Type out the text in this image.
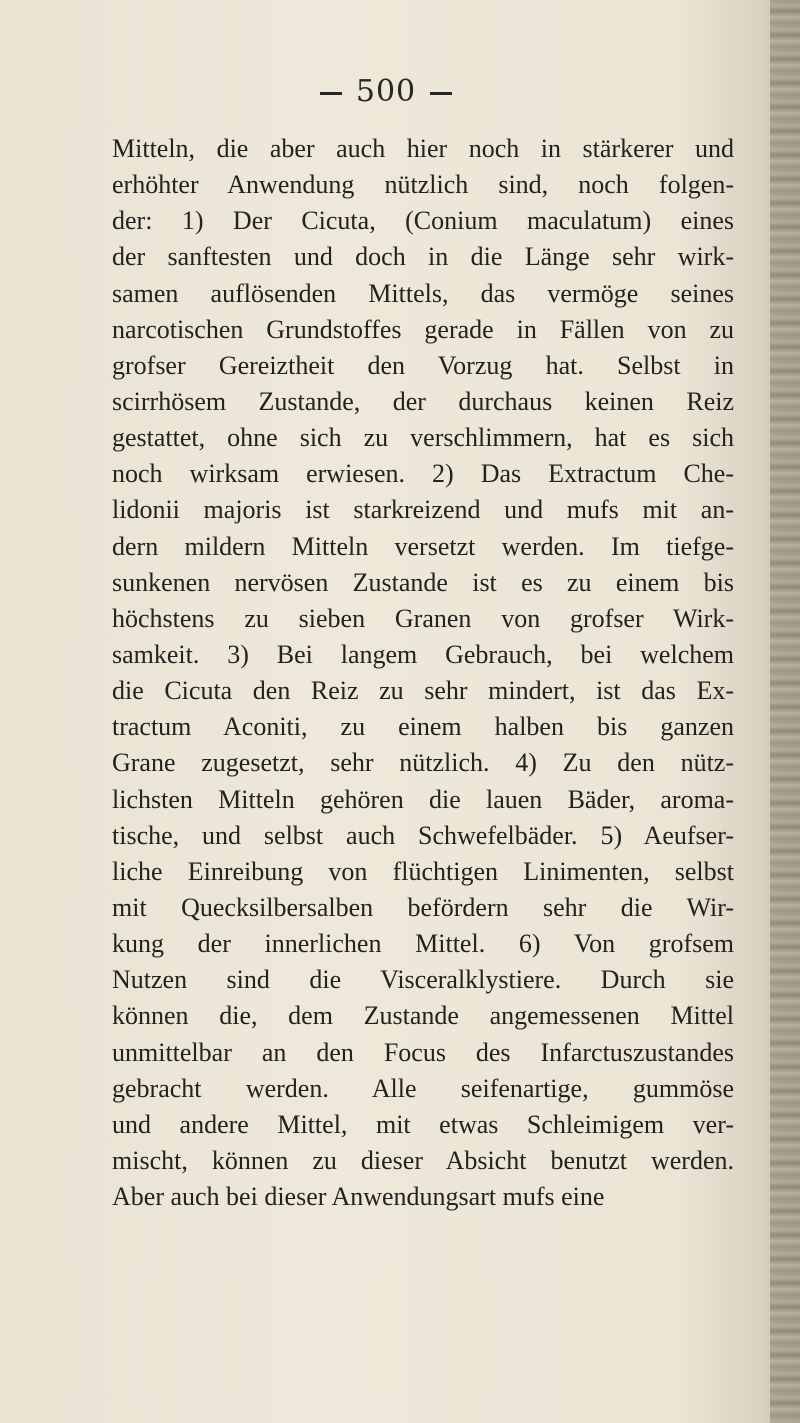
500
Mitteln, die aber auch hier noch in stärkerer und
erhöhter Anwendung nützlich sind, noch folgen-
der: 1) Der Cicuta, (Conium maculatum) eines
der sanftesten und doch in die Länge sehr wirk-
samen auflösenden Mittels, das vermöge seines
narcotischen Grundstoffes gerade in Fällen von zu
grofser Gereiztheit den Vorzug hat. Selbst in
scirrhösem Zustande, der durchaus keinen Reiz
gestattet, ohne sich zu verschlimmern, hat es sich
noch wirksam erwiesen. 2) Das Extractum Che-
lidonii majoris ist starkreizend und mufs mit an-
dern mildern Mitteln versetzt werden. Im tiefge-
sunkenen nervösen Zustande ist es zu einem bis
höchstens zu sieben Granen von grofser Wirk-
samkeit. 3) Bei langem Gebrauch, bei welchem
die Cicuta den Reiz zu sehr mindert, ist das Ex-
tractum Aconiti, zu einem halben bis ganzen
Grane zugesetzt, sehr nützlich. 4) Zu den nütz-
lichsten Mitteln gehören die lauen Bäder, aroma-
tische, und selbst auch Schwefelbäder. 5) Aeufser-
liche Einreibung von flüchtigen Linimenten, selbst
mit Quecksilbersalben befördern sehr die Wir-
kung der innerlichen Mittel. 6) Von grofsem
Nutzen sind die Visceralklystiere. Durch sie
können die, dem Zustande angemessenen Mittel
unmittelbar an den Focus des Infarctuszustandes
gebracht werden. Alle seifenartige, gummöse
und andere Mittel, mit etwas Schleimigem ver-
mischt, können zu dieser Absicht benutzt werden.
Aber auch bei dieser Anwendungsart mufs eine
